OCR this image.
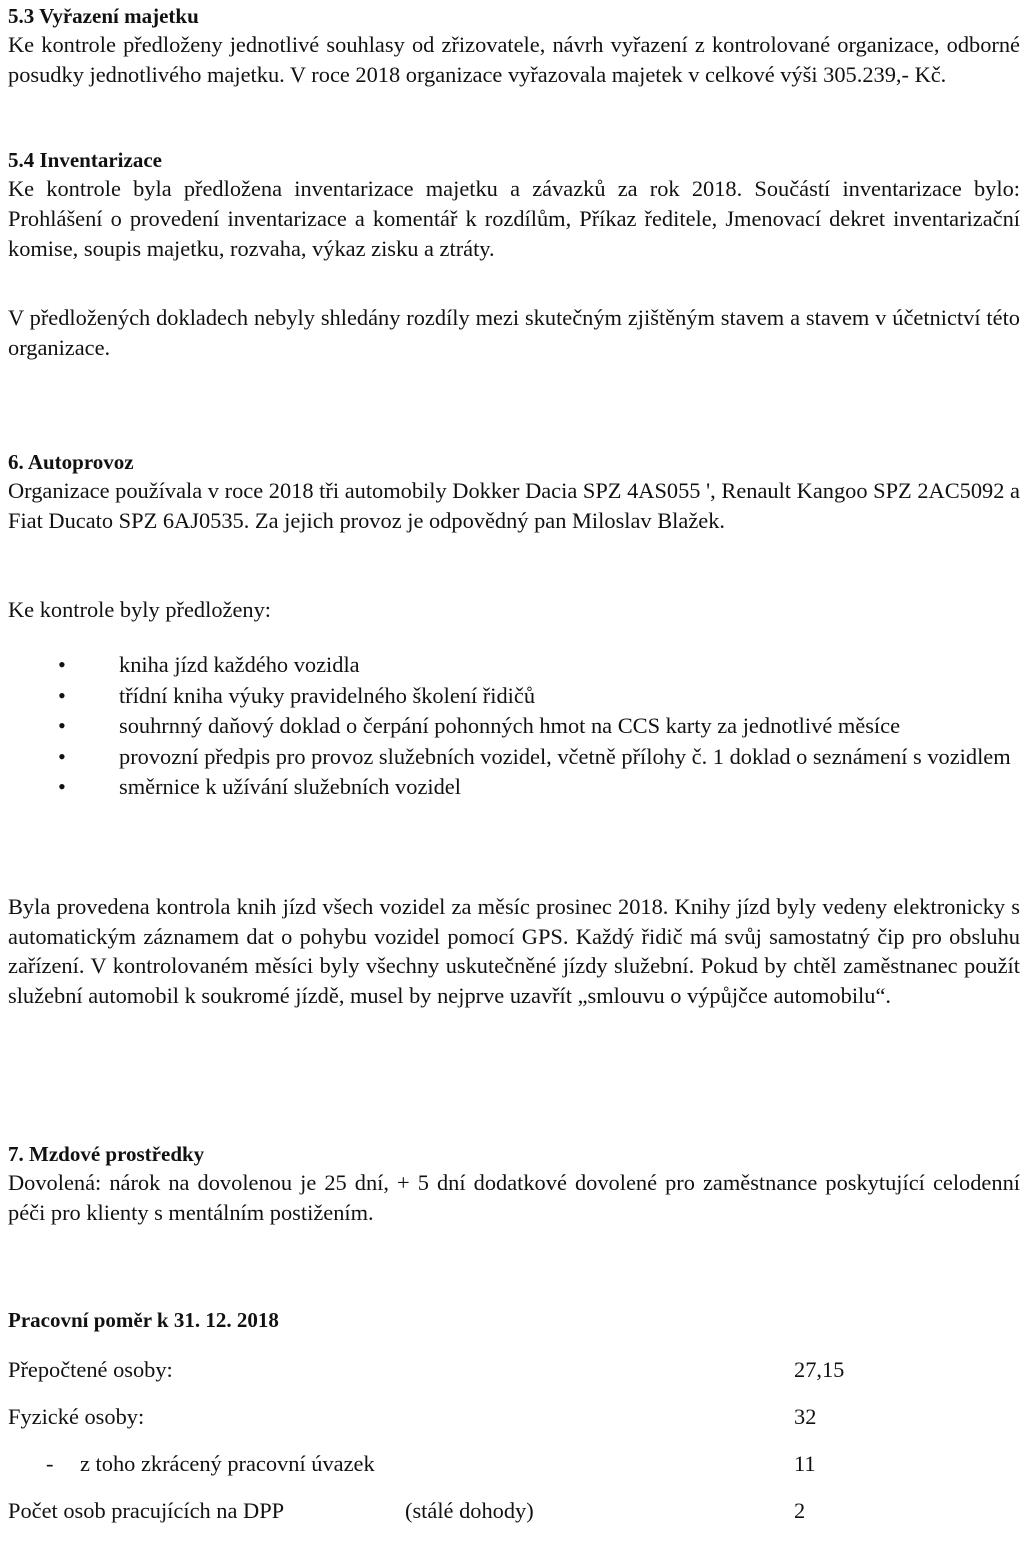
5.3 Vyřazení majetku

Ke kontrole předloženy jednotlivé souhlasy od zřizovatele, návrh vyřazení z kontrolované organizace, odborné posudky jednotlivého majetku. V roce 2018 organizace vyřazovala majetek v celkové výši 305.239,- Kč.

5.4 Inventarizace

Ke kontrole byla předložena inventarizace majetku a závazků za rok 2018. Součástí inventarizace bylo: Prohlášení o provedení inventarizace a komentář k rozdílům, Příkaz ředitele, Jmenovací dekret inventarizační komise, soupis majetku, rozvaha, výkaz zisku a ztráty.

V předložených dokladech nebyly shledány rozdíly mezi skutečným zjištěným stavem a stavem v účetnictví této organizace.

6. Autoprovoz

Organizace používala v roce 2018 tři automobily Dokker Dacia SPZ 4AS055 ', Renault Kangoo SPZ 2AC5092 a Fiat Ducato SPZ 6AJ0535. Za jejich provoz je odpovědný pan Miloslav Blažek.

Ke kontrole byly předloženy:

• kniha jízd každého vozidla
• třídní kniha výuky pravidelného školení řidičů
• souhrnný daňový doklad o čerpání pohonných hmot na CCS karty za jednotlivé měsíce
• provozní předpis pro provoz služebních vozidel, včetně přílohy č. 1 doklad o seznámení s vozidlem
• směrnice k užívání služebních vozidel

Byla provedena kontrola knih jízd všech vozidel za měsíc prosinec 2018. Knihy jízd byly vedeny elektronicky s automatickým záznamem dat o pohybu vozidel pomocí GPS. Každý řidič má svůj samostatný čip pro obsluhu zařízení. V kontrolovaném měsíci byly všechny uskutečněné jízdy služební. Pokud by chtěl zaměstnanec použít služební automobil k soukromé jízdě, musel by nejprve uzavřít „smlouvu o výpůjčce automobilu“.

7. Mzdové prostředky

Dovolená: nárok na dovolenou je 25 dní, + 5 dní dodatkové dovolené pro zaměstnance poskytující celodenní péči pro klienty s mentálním postižením.

Pracovní poměr k 31. 12. 2018
Přepočtené osoby:	27,15
Fyzické osoby:	32
- z toho zkrácený pracovní úvazek	11
Počet osob pracujících na DPP	(stálé dohody)	2
